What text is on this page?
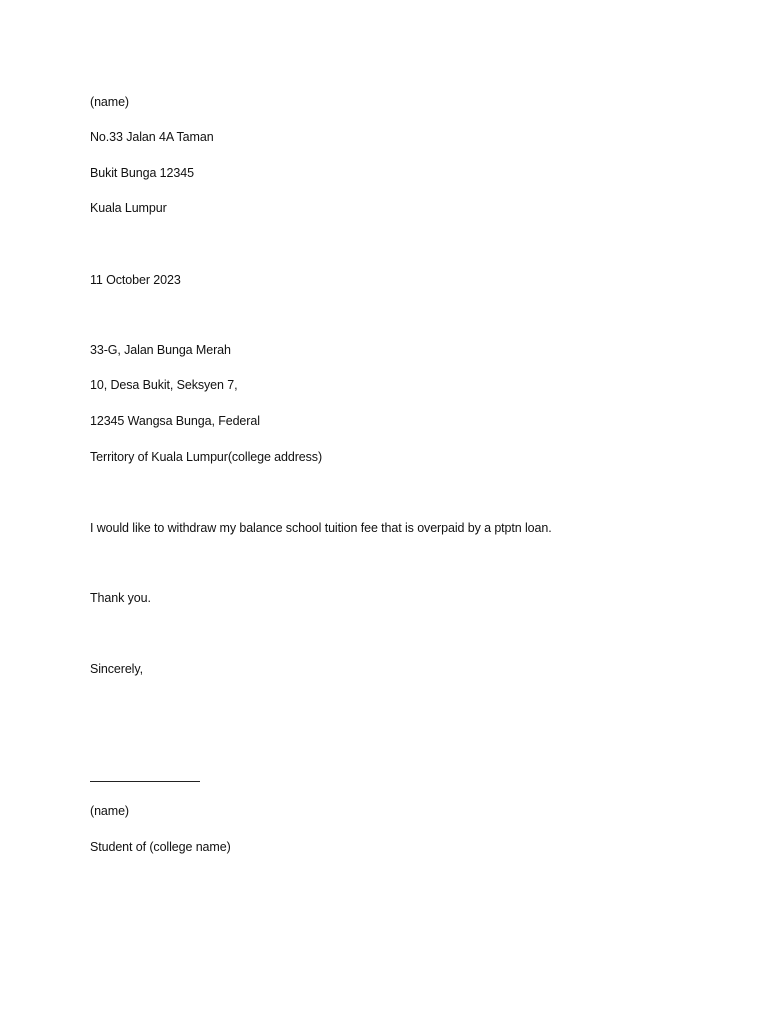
(name)
No.33 Jalan 4A Taman
Bukit Bunga 12345
Kuala Lumpur
11 October 2023
33-G, Jalan Bunga Merah
10, Desa Bukit, Seksyen 7,
12345 Wangsa Bunga, Federal
Territory of Kuala Lumpur(college address)
I would like to withdraw my balance school tuition fee that is overpaid by a ptptn loan.
Thank you.
Sincerely,
(name)
Student of (college name)
